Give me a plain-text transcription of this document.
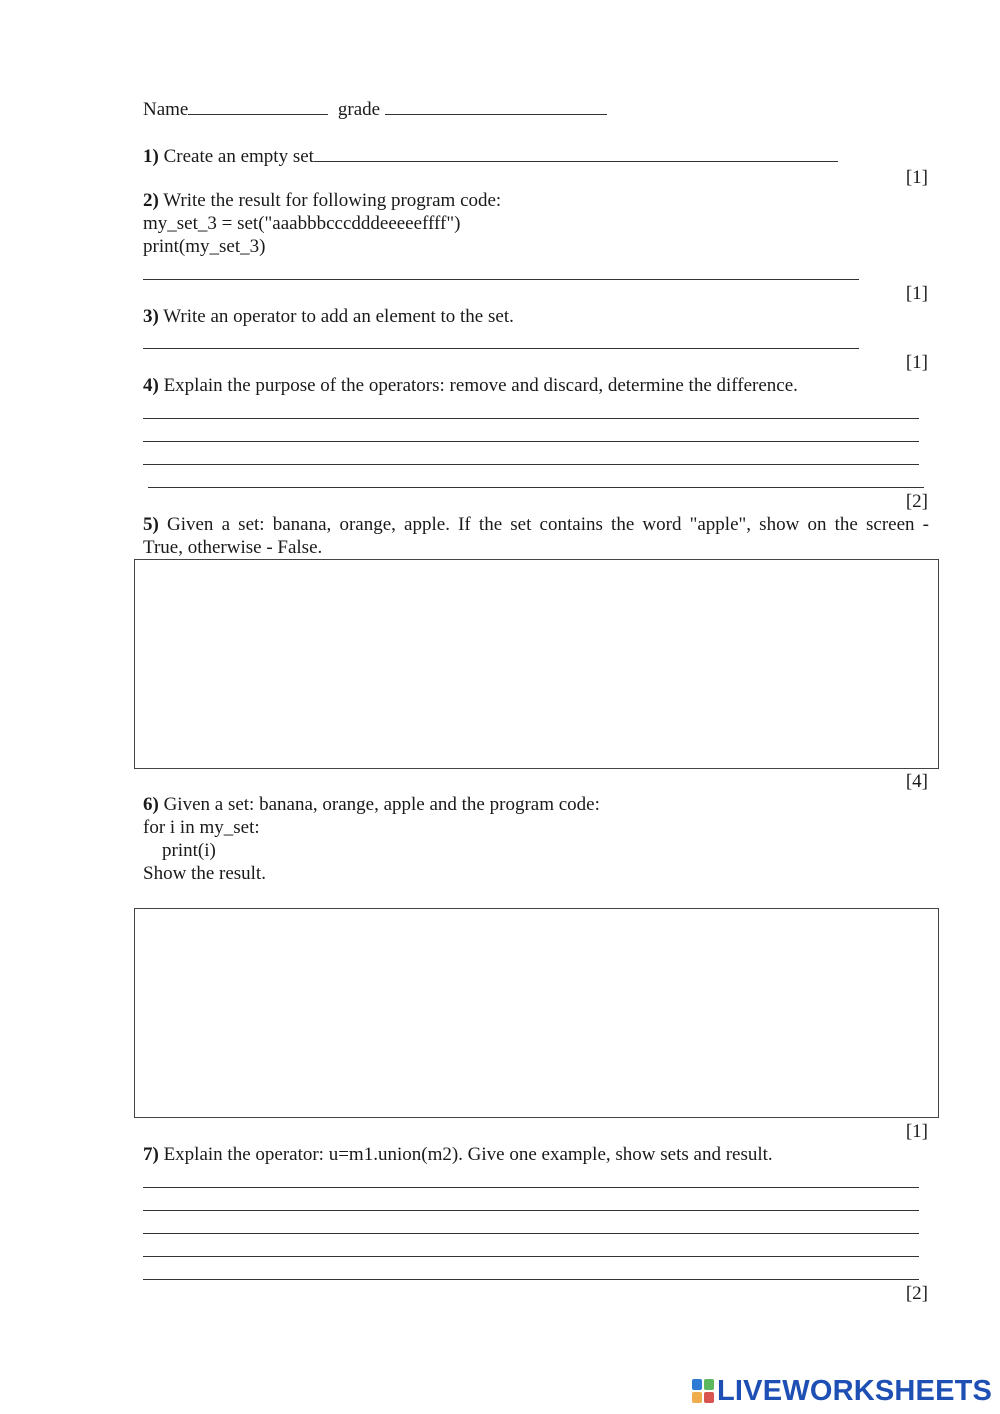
Name	grade
1) Create an empty set
[1]
2) Write the result for following program code:
my_set_3 = set("aaabbbcccdddeeeeeffff")
print(my_set_3)
[1]
3) Write an operator to add an element to the set.
[1]
4) Explain the purpose of the operators: remove and discard, determine the difference.
[2]
5) Given a set: banana, orange, apple. If the set contains the word "apple", show on the screen -
True, otherwise - False.
[4]
6) Given a set: banana, orange, apple and the program code:
for i in my_set:
print(i)
Show the result.
[1]
7) Explain the operator: u=m1.union(m2). Give one example, show sets and result.
[2]
LIVEWORKSHEETS
